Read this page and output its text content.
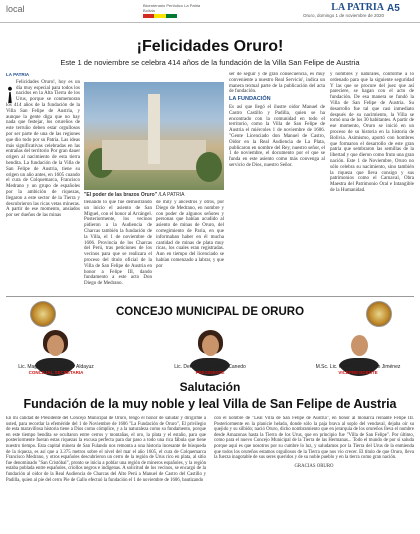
local	Bicentenario Periódico La Patria Bolivia	LA PATRIA
Oruro, domingo 1 de noviembre de 2020
A5
¡Felicidades Oruro!
Este 1 de noviembre se celebra 414 años de la fundación de la Villa San Felipe de Austria
LA PATRIA
¡ Felicidades Oruro!, hoy es un día muy especial para todos los nacidos en la Alta Tierra de los Urus, porque se conmemoran los 414 años de la fundación de la Villa San Felipe de Austria, y aunque la gente diga que no hay nada que festejar, los orureños de este terruño deben estar orgullosos por ser parte de una de las regiones que dio todo por su Patria. Las ideas más significativas celebradas en las entrañas del territorio Por gran dauer origen al nacimiento de esta tierra bendita. La fundación de la Villa de San Felipe de Austria, tiene su origen un año antes, en 1605 cuando el cura de Colquemarca, Francisco Medrano y un grupo de españoles por la ambición de riquezas, llegaron a este sector de la Tierra y descubrieron las ricas vetas mineras. A partir de ese momento, ansiados por ser dueños de las minas
"El poder de las brazos Oruro" /LA PATRIA
llenando lo que fue demostrando un inicio el asiento de San Miguel, con el honor al Arcángel. Posteriormente, los vecinos pidieron a la Audiencia de Charcas también la fundación de la Villa, el 1 de noviembre de 1606. Provincia de los Charcas del Perú, tras peticiones de los vecinos para que se realizara el proceso del título oficial de la Villa de San Felipe de Austria en honor a Felipe III, dando fundamento a este acto Don Diego de Medrano.
de mily y ancestros y otros, por Diego de Medrano, en nombre y con poder de algunos señores y personas que habían acudido al asiento de minas de Oruro, del corregimiento de Paria, en que informaban haber en él mucha cantidad de minas de plata muy ricas, los cuales eran registradas. Aun en tiempo del licenciado se habían comenzado a labrar, y que por

ser de seguir y de gran consecuencia, es muy conveniente a nuestro Real Servicio', indica un manera textual parte de la publicación del acta de fundación.

LA FUNDACIÓN

Es así que llegó el ilustre oidor Manuel de Castro Castillo y Padilla, quien se ha encontrado con la comunidad en todo el territorio, como la Villa de San Felipe de Austria el miércoles 1 de noviembre de 1606. "Gente Licenciado don Manuel de Castro, Oidor en la Real Audiencia de La Plata, publicaron en nombre del Rey, nuestro señor, el 1 de noviembre, el documento por el que se funda en este asiento como más convenga al servicio de Dios, nuestro Señor.

y nombres y naturales, conforme a lo ordenado para que la siguiente seguridad Y las que se procure del juez que así pareciere, se hagan con el acto de fundación. De esa manera se fundó la Villa de San Felipe de Austria. Su desarrollo fue tal que casi inmediato después de su nacimiento, la Villa se tornó una de los 30 habitantes. A partir de ese momento, Oruro se inició en un proceso de su historia en la historia de Bolivia. Asimismo, aportó con hombres que formaron el desarrollo de este gran patria que sembraron las semillas de la libertad y que dieron como fruto una gran nación. Este 1 de Noviembre, Oruro no sólo celebra su nacimiento, sino también la riqueza que lleva consigo y sus patrimonios como el Carnaval, Obra Maestra del Patrimonio Oral e Intangible de la Humanidad.
CONCEJO MUNICIPAL DE ORURO
Lic. Magda G. Suaznabar Aldayuz
CONCEJAL SECRETARIA
Lic. Denisse Jane Villca Canedo
PRESIDENTE
M.Sc. Lic. Mario Henry Rojas Jiménez
VICEPRESIDENTE
Salutación
Fundación de la muy noble y leal Villa de San Felipe de Austria

En mi calidad de Presidente del Concejo Municipal de Oruro, tengo el honor de saludar y dirigirme a usted, para recordar la efeméride del 1 de Noviembre de 1606 "La Fundación de Oruro", El privilegio de esta maravillosa historia tiene a Dios como cómplice, y a la naturaleza como su fundamento, porque en este tiempo bendita se ocultaron entre cerros y montañas, el oro, la plata y el estaño, para que posteriormente fueran estas riquezas la excusa perfecta para dar paso a todo una rica fábula que tiene nuestro tiempo. Esta capital minera de San Fulando nos remonta a una historia incesante de búsqueda de la riqueza, es así que a 3.375 metros sobre el nivel del mar el año 1605, el cura de Colquemarca Francisco Medrano, y otros españoles descubrieron un cerro de la región de Urus rico en plata, al sitio fue denominado "San Cristóbal", pronto se inicia a poblar una región de mineros españoles, y la región estaba poblada entre españoles, criollos negros e indígenas. A solicitud de los vecinos, se encargó de la fundación al oidor de la Real Audiencia de Charcas del Alto Perú a Manuel de Castro del Castillo y Padilla, quien al pie del cerro Pie de Gallo efectuó la fundación el 1 de noviembre de 1606, bautizando

con el nombre de "Leal Villa de San Felipe de Austria", en honor al monarca reinante Felipe III. Posteriormente en la planicie helada, donde sólo la paja brava al soplo del vendaval, dejaba oír su quejido y su silbido; nació Oruro, dicho nombramiento que en jerarquía de los orureños lleva el nombre desde Amazonas hasta la Tierra de los Urus, que en principio fue "Villa de San Felipe". Por último, como para el nuevo Concejo Municipal de la Tierra de las Hermanas... Todo el mundo de por sí saluda porque aquí es que nosotros por su cumbre lo luz, y saludamos por la Tierra del Urus de la enmienda que todos los orureños estamos orgullosos de la Tierra que nos vio crecer. El título de que Oruro, lleva la fuerza inagotable de sus seres queridos y de su noble pueblo y en la tierra como gran nación.

GRACIAS ORURO
